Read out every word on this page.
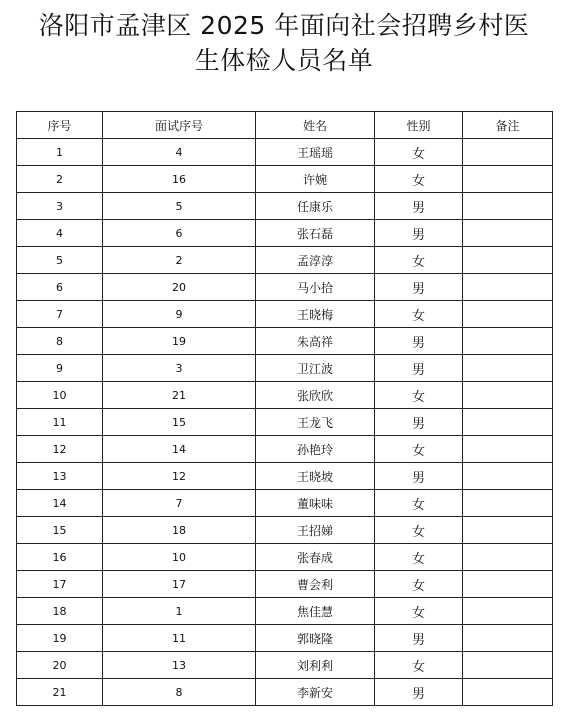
洛阳市孟津区 2025 年面向社会招聘乡村医
生体检人员名单
序号	面试序号	姓名	性别	备注
1	4	王瑶瑶	女	
2	16	许婉	女	
3	5	任康乐	男	
4	6	张石磊	男	
5	2	孟淳淳	女	
6	20	马小拾	男	
7	9	王晓梅	女	
8	19	朱高祥	男	
9	3	卫江波	男	
10	21	张欣欣	女	
11	15	王龙飞	男	
12	14	孙艳玲	女	
13	12	王晓坡	男	
14	7	董味味	女	
15	18	王招娣	女	
16	10	张春成	女	
17	17	曹会利	女	
18	1	焦佳慧	女	
19	11	郭晓隆	男	
20	13	刘利利	女	
21	8	李新安	男	
